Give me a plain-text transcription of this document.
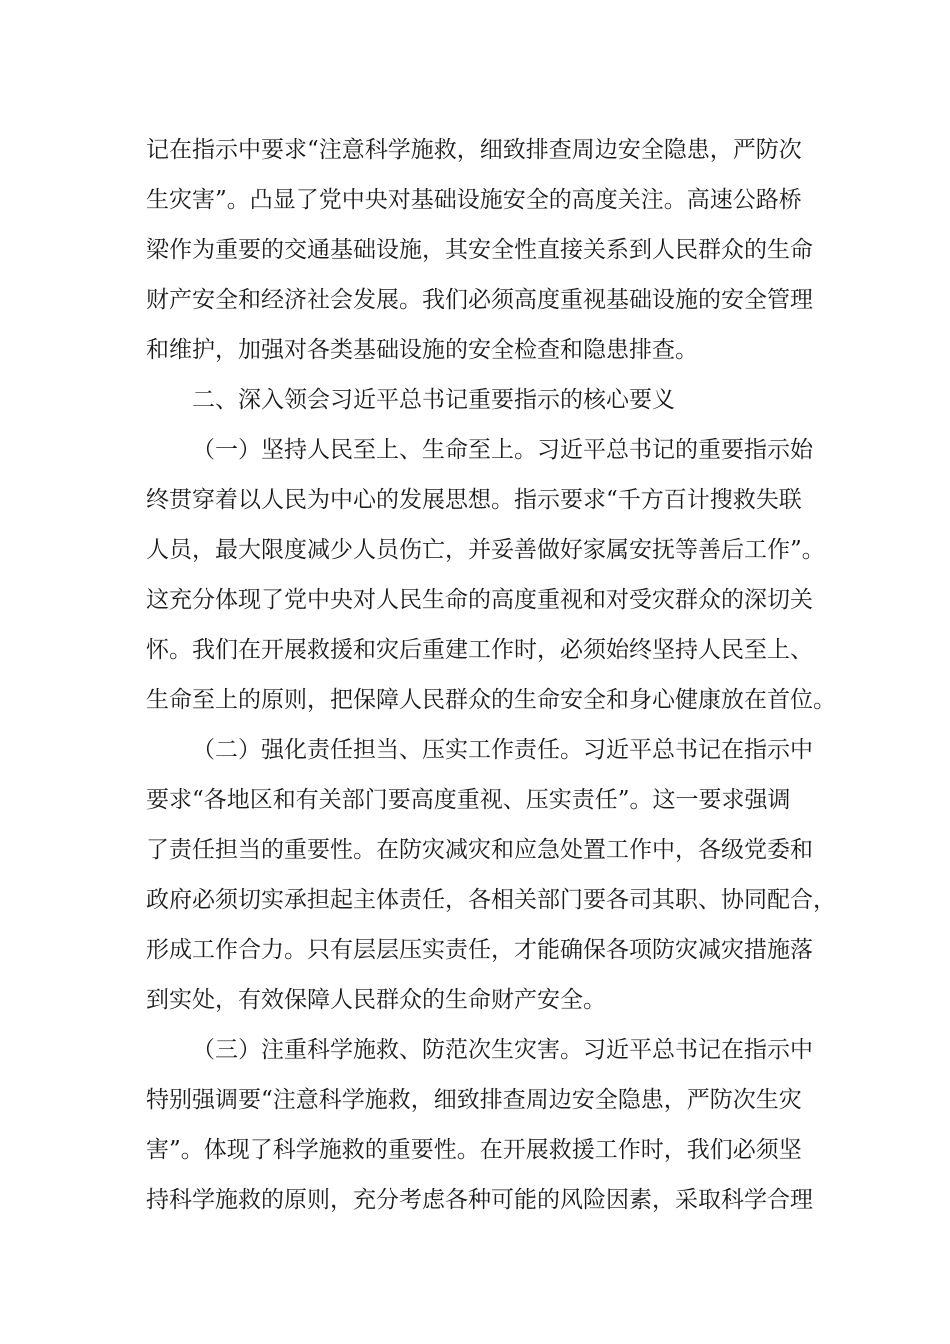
记在指示中要求“注意科学施救，细致排查周边安全隐患，严防次
生灾害”。凸显了党中央对基础设施安全的高度关注。高速公路桥
梁作为重要的交通基础设施，其安全性直接关系到人民群众的生命
财产安全和经济社会发展。我们必须高度重视基础设施的安全管理
和维护，加强对各类基础设施的安全检查和隐患排查。
二、深入领会习近平总书记重要指示的核心要义
（一）坚持人民至上、生命至上。习近平总书记的重要指示始
终贯穿着以人民为中心的发展思想。指示要求“千方百计搜救失联
人员，最大限度减少人员伤亡，并妥善做好家属安抚等善后工作”。
这充分体现了党中央对人民生命的高度重视和对受灾群众的深切关
怀。我们在开展救援和灾后重建工作时，必须始终坚持人民至上、
生命至上的原则，把保障人民群众的生命安全和身心健康放在首位。
（二）强化责任担当、压实工作责任。习近平总书记在指示中
要求“各地区和有关部门要高度重视、压实责任”。这一要求强调
了责任担当的重要性。在防灾减灾和应急处置工作中，各级党委和
政府必须切实承担起主体责任，各相关部门要各司其职、协同配合，
形成工作合力。只有层层压实责任，才能确保各项防灾减灾措施落
到实处，有效保障人民群众的生命财产安全。
（三）注重科学施救、防范次生灾害。习近平总书记在指示中
特别强调要“注意科学施救，细致排查周边安全隐患，严防次生灾
害”。体现了科学施救的重要性。在开展救援工作时，我们必须坚
持科学施救的原则，充分考虑各种可能的风险因素，采取科学合理
